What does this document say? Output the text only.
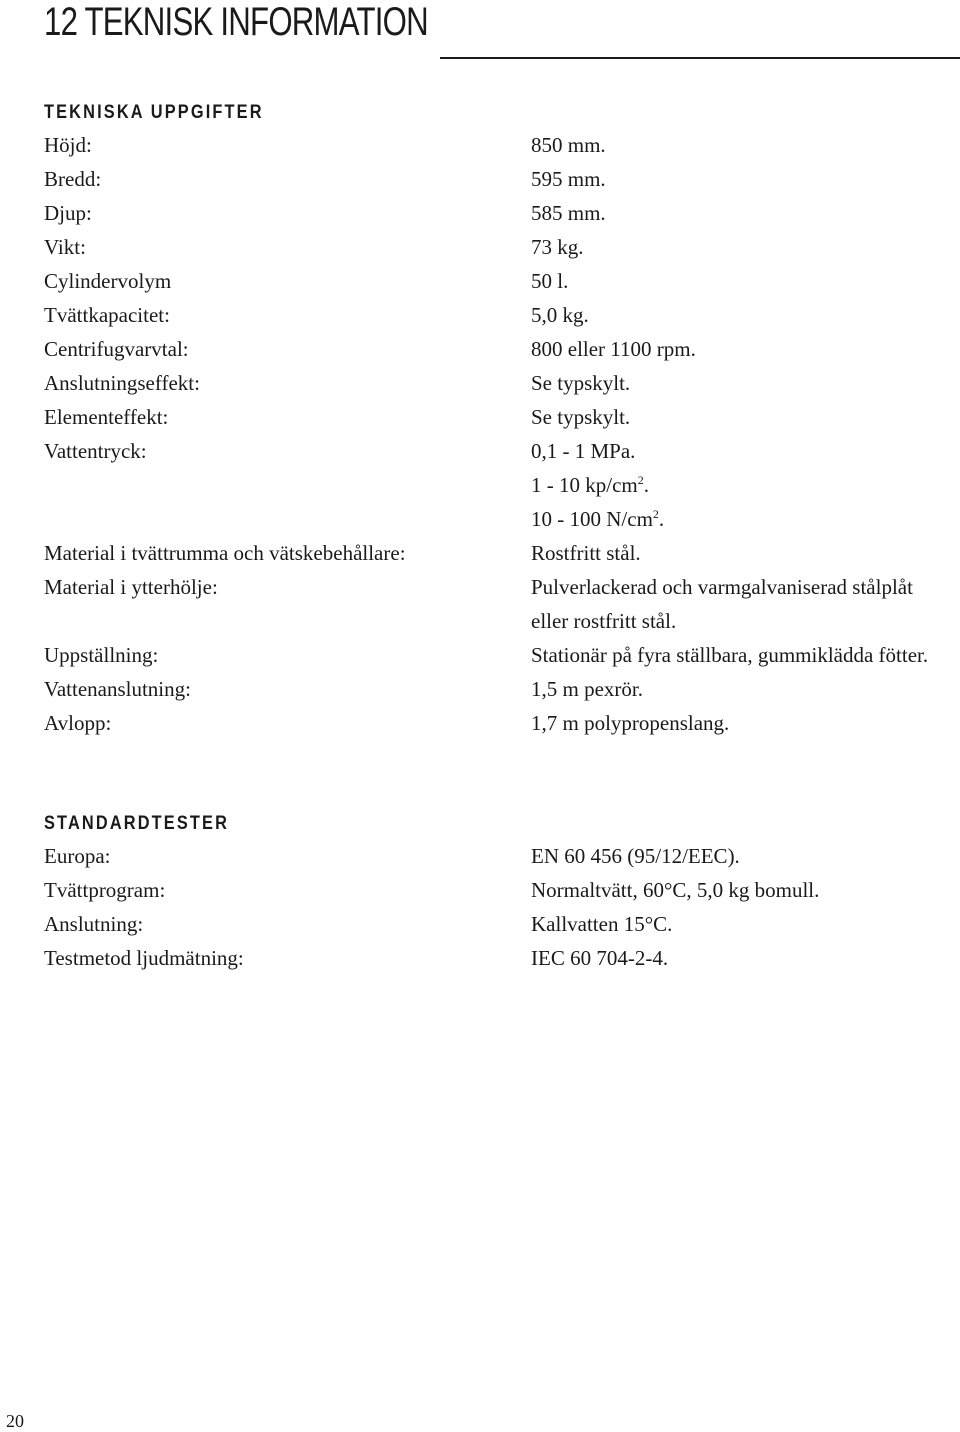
12 TEKNISK INFORMATION
TEKNISKA UPPGIFTER
Höjd:	850 mm.
Bredd:	595 mm.
Djup:	585 mm.
Vikt:	73 kg.
Cylindervolym	50 l.
Tvättkapacitet:	5,0 kg.
Centrifugvarvtal:	800 eller 1100 rpm.
Anslutningseffekt:	Se typskylt.
Elementeffekt:	Se typskylt.
Vattentryck:	0,1 - 1 MPa.
1 - 10 $kp/cm^2$.
10 - 100 $N/cm^2$.
Material i tvättrumma och vätskebehållare:	Rostfritt stål.
Material i ytterhölje:	Pulverlackerad och varmgalvaniserad stålplåt
eller rostfritt stål.
Uppställning:	Stationär på fyra ställbara, gummiklädda fötter.
Vattenanslutning:	1,5 m pexrör.
Avlopp:	1,7 m polypropenslang.
STANDARDTESTER
Europa:	EN 60 456 (95/12/EEC).
Tvättprogram:	Normaltvätt, 60°C, 5,0 kg bomull.
Anslutning:	Kallvatten 15°C.
Testmetod ljudmätning:	IEC 60 704-2-4.
20
